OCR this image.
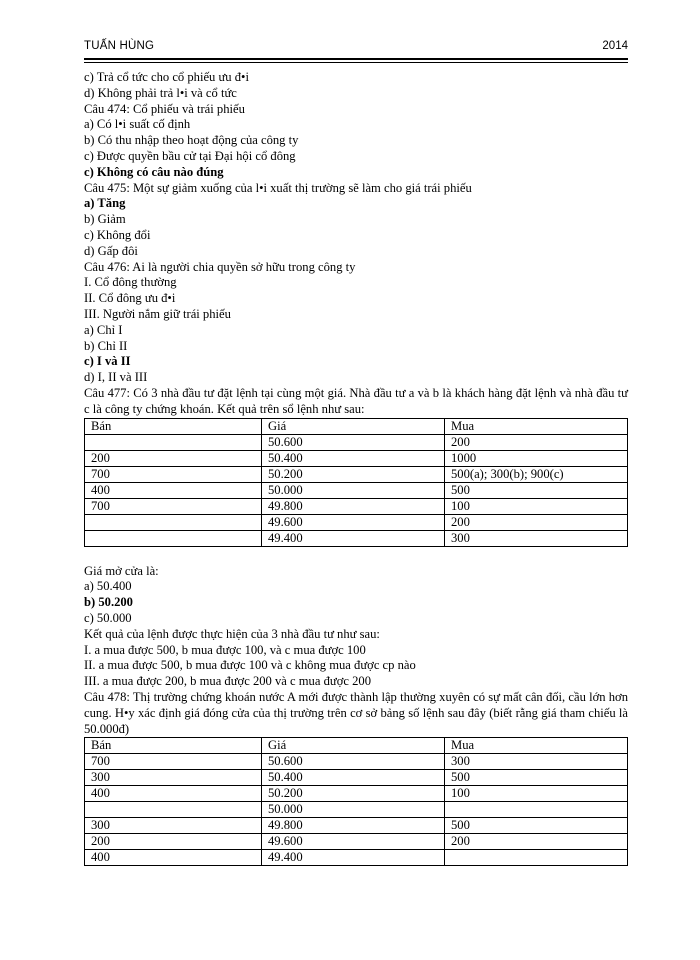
TUẤN HÙNG	2014
c) Trả cổ tức cho cổ phiếu ưu đ•i
d) Không phải trả l•i và cổ tức
Câu 474: Cổ phiếu và trái phiếu
a) Có l•i suất cố định
b) Có thu nhập theo hoạt động của công ty
c) Được quyền bầu cử tại Đại hội cổ đông
c) Không có câu nào đúng
Câu 475: Một sự giảm xuống của l•i xuất thị trường sẽ làm cho giá trái phiếu
a) Tăng
b) Giảm
c) Không đổi
d) Gấp đôi
Câu 476: Ai là người chia quyền sở hữu trong công ty
I. Cổ đông thường
II. Cổ đông ưu đ•i
III. Người nắm giữ trái phiếu
a) Chỉ I
b) Chỉ II
c) I và II
d) I, II và III
Câu 477: Có 3 nhà đầu tư đặt lệnh tại cùng một giá. Nhà đầu tư a và b là khách hàng đặt lệnh và nhà đầu tư c là công ty chứng khoán. Kết quả trên sổ lệnh như sau:
Bán	Giá	Mua
	50.600	200
200	50.400	1000
700	50.200	500(a); 300(b); 900(c)
400	50.000	500
700	49.800	100
	49.600	200
	49.400	300
Giá mở cửa là:
a) 50.400
b) 50.200
c) 50.000
Kết quả của lệnh được thực hiện của 3 nhà đầu tư như sau:
I. a mua được 500, b mua được 100, và c mua được 100
II. a mua được 500, b mua được 100 và c không mua được cp nào
III. a mua được 200, b mua được 200 và c mua được 200
Câu 478: Thị trường chứng khoán nước A mới được thành lập thường xuyên có sự mất cân đối, cầu lớn hơn cung. H•y xác định giá đóng cửa của thị trường trên cơ sở bảng số lệnh sau đây (biết rằng giá tham chiếu là 50.000đ)
Bán	Giá	Mua
700	50.600	300
300	50.400	500
400	50.200	100
	50.000	
300	49.800	500
200	49.600	200
400	49.400	
